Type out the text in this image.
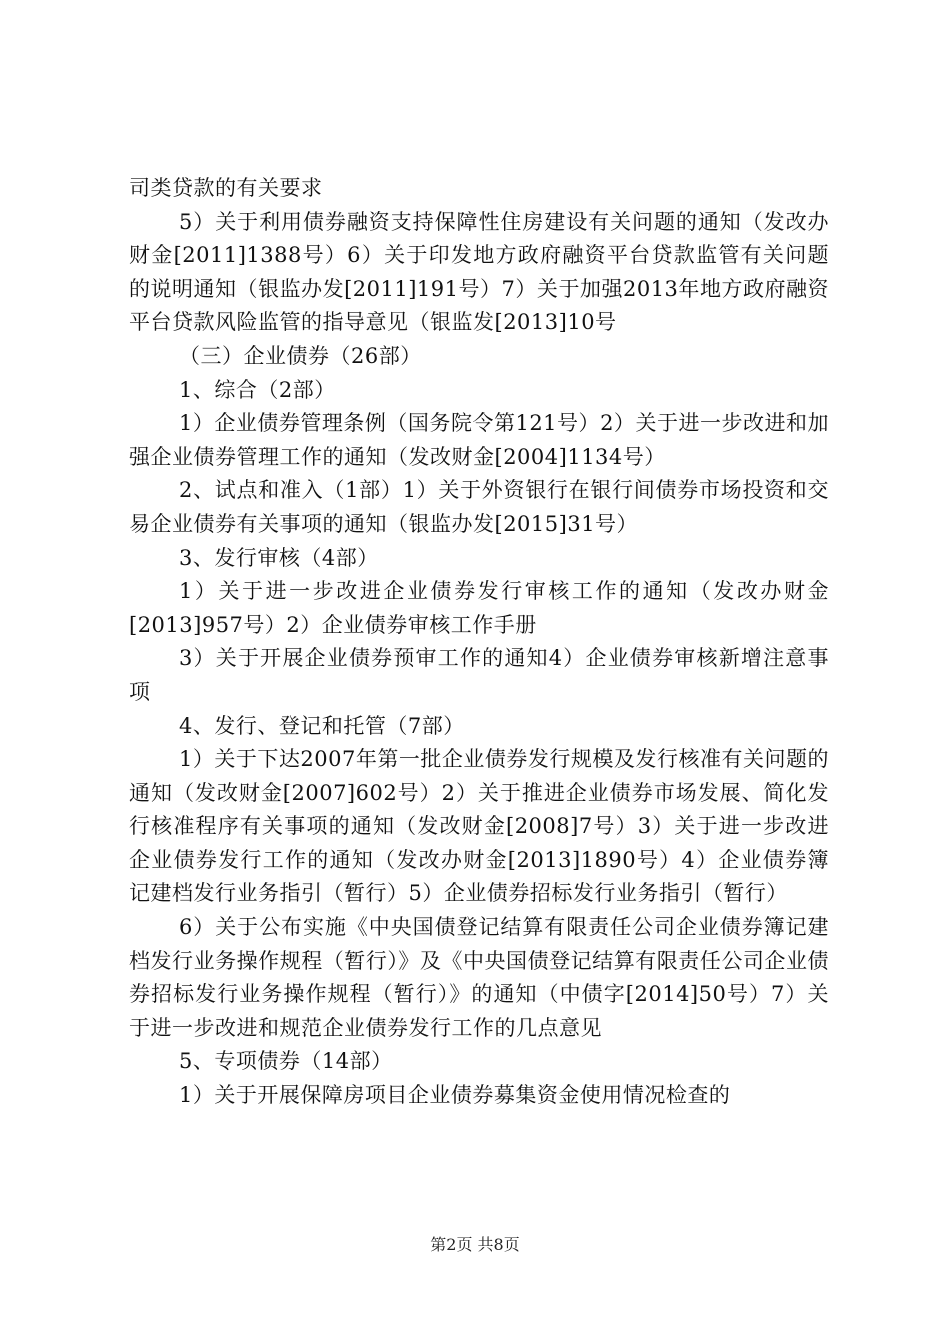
司类贷款的有关要求

5）关于利用债券融资支持保障性住房建设有关问题的通知（发改办财金[2011]1388号）6）关于印发地方政府融资平台贷款监管有关问题的说明通知（银监办发[2011]191号）7）关于加强2013年地方政府融资平台贷款风险监管的指导意见（银监发[2013]10号

（三）企业债券（26部）

1、综合（2部）

1）企业债券管理条例（国务院令第121号）2）关于进一步改进和加强企业债券管理工作的通知（发改财金[2004]1134号）

2、试点和准入（1部）1）关于外资银行在银行间债券市场投资和交易企业债券有关事项的通知（银监办发[2015]31号）

3、发行审核（4部）

1）关于进一步改进企业债券发行审核工作的通知（发改办财金[2013]957号）2）企业债券审核工作手册

3）关于开展企业债券预审工作的通知4）企业债券审核新增注意事项

4、发行、登记和托管（7部）

1）关于下达2007年第一批企业债券发行规模及发行核准有关问题的通知（发改财金[2007]602号）2）关于推进企业债券市场发展、简化发行核准程序有关事项的通知（发改财金[2008]7号）3）关于进一步改进企业债券发行工作的通知（发改办财金[2013]1890号）4）企业债券簿记建档发行业务指引（暂行）5）企业债券招标发行业务指引（暂行）

6）关于公布实施《中央国债登记结算有限责任公司企业债券簿记建档发行业务操作规程（暂行）》及《中央国债登记结算有限责任公司企业债券招标发行业务操作规程（暂行）》的通知（中债字[2014]50号）7）关于进一步改进和规范企业债券发行工作的几点意见

5、专项债券（14部）

1）关于开展保障房项目企业债券募集资金使用情况检查的

第2页 共8页
